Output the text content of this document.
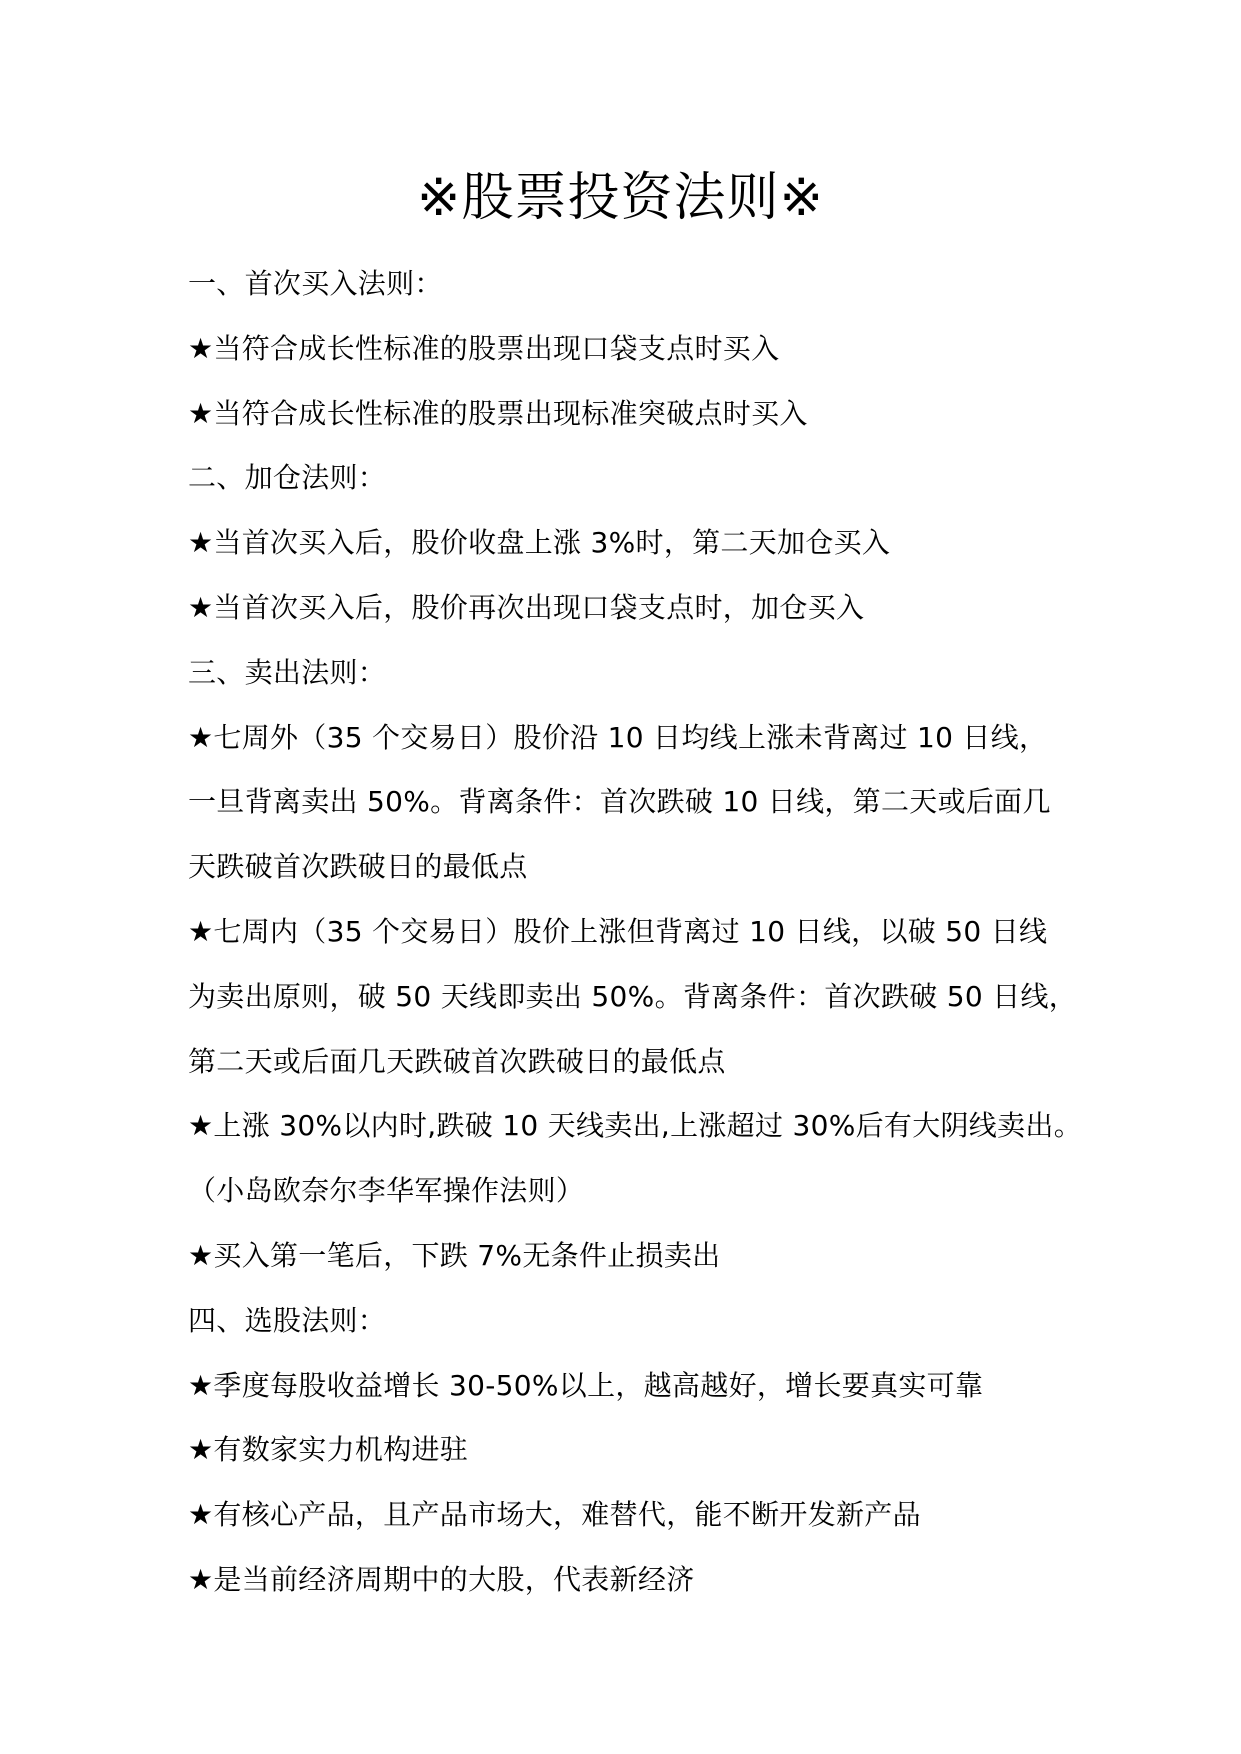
※股票投资法则※
一、首次买入法则：
★当符合成长性标准的股票出现口袋支点时买入
★当符合成长性标准的股票出现标准突破点时买入
二、加仓法则：
★当首次买入后，股价收盘上涨 3%时，第二天加仓买入
★当首次买入后，股价再次出现口袋支点时，加仓买入
三、卖出法则：
★七周外（35 个交易日）股价沿 10 日均线上涨未背离过 10 日线，
一旦背离卖出 50%。背离条件：首次跌破 10 日线，第二天或后面几
天跌破首次跌破日的最低点
★七周内（35 个交易日）股价上涨但背离过 10 日线，以破 50 日线
为卖出原则，破 50 天线即卖出 50%。背离条件：首次跌破 50 日线，
第二天或后面几天跌破首次跌破日的最低点
★上涨 30%以内时,跌破 10 天线卖出,上涨超过 30%后有大阴线卖出。
（小岛欧奈尔李华军操作法则）
★买入第一笔后，下跌 7%无条件止损卖出
四、选股法则：
★季度每股收益增长 30-50%以上，越高越好，增长要真实可靠
★有数家实力机构进驻
★有核心产品，且产品市场大，难替代，能不断开发新产品
★是当前经济周期中的大股，代表新经济
